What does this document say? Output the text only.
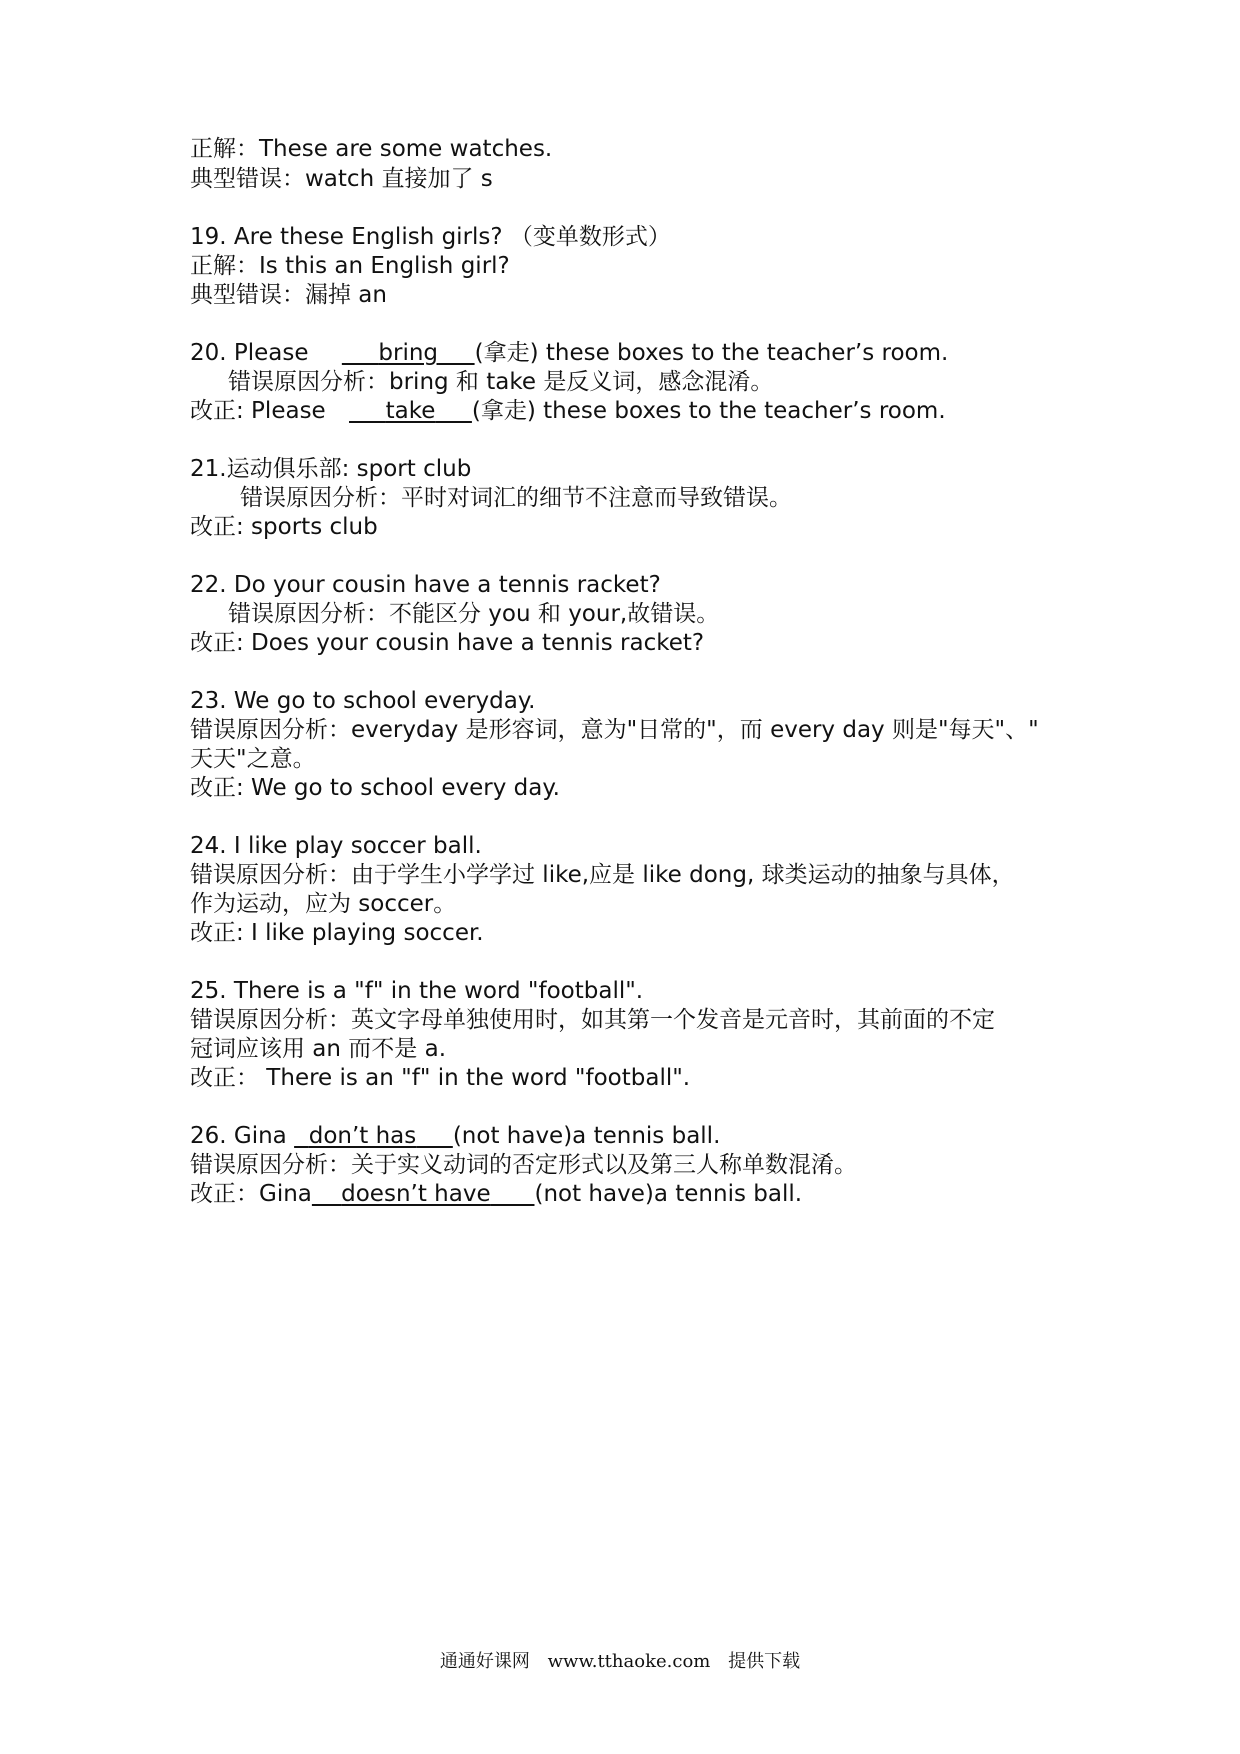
正解：These are some watches.
典型错误：watch 直接加了 s
19. Are these English girls? （变单数形式）
正解：Is this an English girl?
典型错误：漏掉 an
20. Please	bring (拿走) these boxes to the teacher’s room.
错误原因分析：bring 和 take 是反义词，感念混淆。
改正: Please      take (拿走) these boxes to the teacher’s room.
21.运动俱乐部: sport club
错误原因分析：平时对词汇的细节不注意而导致错误。
改正: sports club
22. Do your cousin have a tennis racket?
错误原因分析：不能区分 you 和 your,故错误。
改正: Does your cousin have a tennis racket?
23. We go to school everyday.
错误原因分析：everyday 是形容词，意为"日常的"，而 every day 则是"每天"、"
天天"之意。
改正: We go to school every day.
24. I like play soccer ball.
错误原因分析：由于学生小学学过 like,应是 like dong, 球类运动的抽象与具体，
作为运动，应为 soccer。
改正: I like playing soccer.
25. There is a "f" in the word "football".
错误原因分析：英文字母单独使用时，如其第一个发音是元音时，其前面的不定
冠词应该用 an 而不是 a.
改正： There is an "f" in the word "football".
26. Gina   don’t has (not have)a tennis ball.
错误原因分析：关于实义动词的否定形式以及第三人称单数混淆。
改正：Gina doesn’t have (not have)a tennis ball.
通通好课网 www.tthaoke.com 提供下载
